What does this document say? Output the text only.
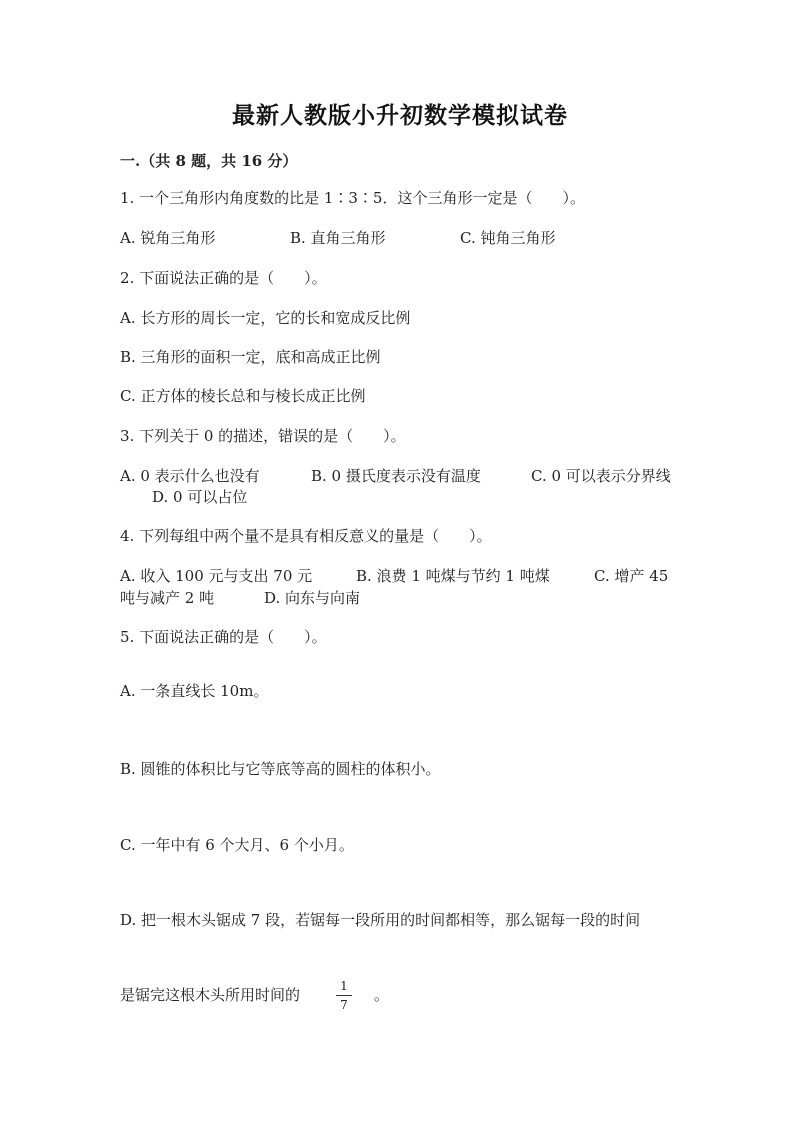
最新人教版小升初数学模拟试卷
一.（共 8 题，共 16 分）
1. 一个三角形内角度数的比是 1∶3∶5．这个三角形一定是（　　）。
A. 锐角三角形	B. 直角三角形	C. 钝角三角形
2. 下面说法正确的是（　　）。
A. 长方形的周长一定，它的长和宽成反比例
B. 三角形的面积一定，底和高成正比例
C. 正方体的棱长总和与棱长成正比例
3. 下列关于 0 的描述，错误的是（　　）。
A. 0 表示什么也没有	B. 0 摄氏度表示没有温度	C. 0 可以表示分界线
D. 0 可以占位
4. 下列每组中两个量不是具有相反意义的量是（　　）。
A. 收入 100 元与支出 70 元	B. 浪费 1 吨煤与节约 1 吨煤	C. 增产 45
吨与减产 2 吨	D. 向东与向南
5. 下面说法正确的是（　　）。
A. 一条直线长 10m。
B. 圆锥的体积比与它等底等高的圆柱的体积小。
C. 一年中有 6 个大月、6 个小月。
D. 把一根木头锯成 7 段，若锯每一段所用的时间都相等，那么锯每一段的时间
是锯完这根木头所用时间的	1
7
。
